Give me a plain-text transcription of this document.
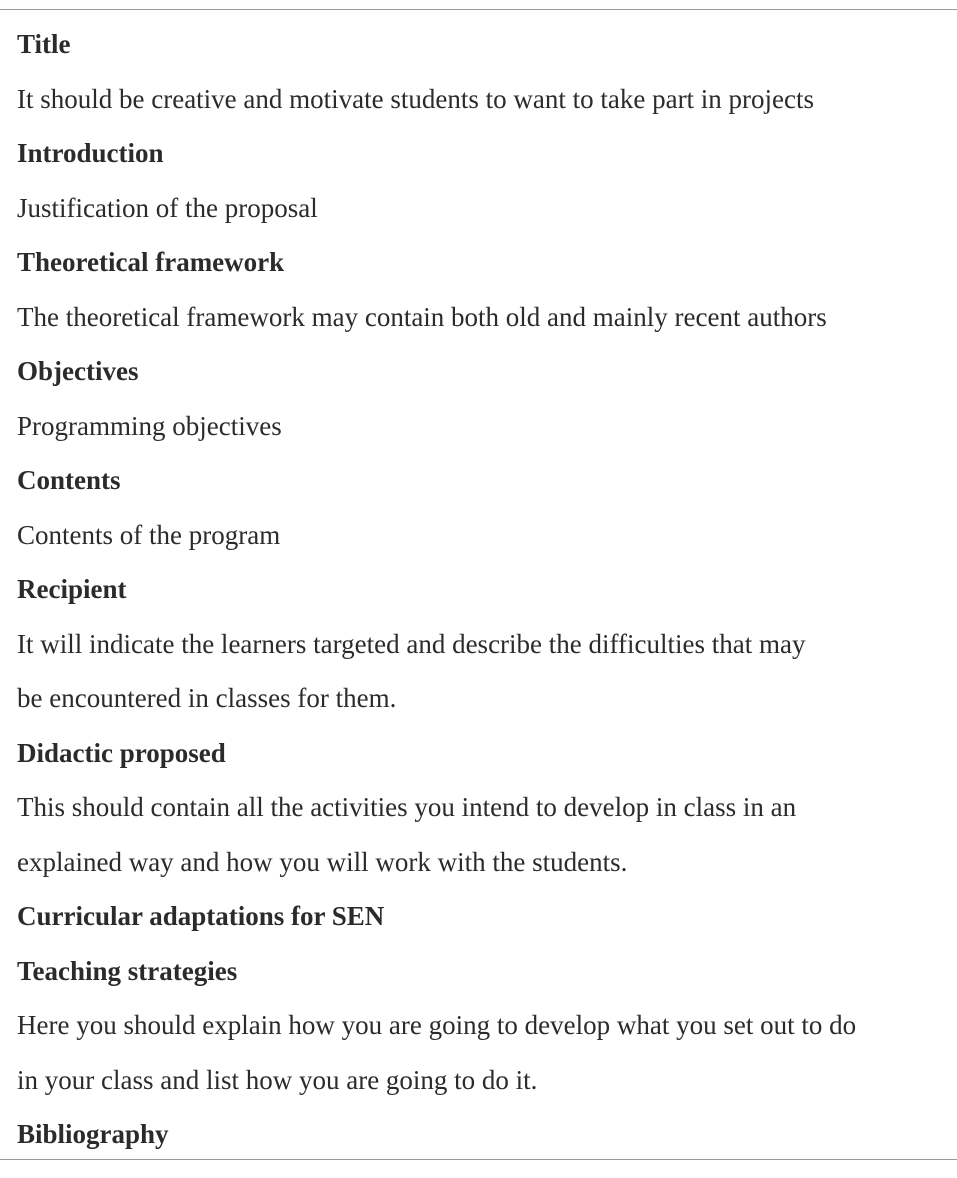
Title

It should be creative and motivate students to want to take part in projects

Introduction

Justification of the proposal

Theoretical framework

The theoretical framework may contain both old and mainly recent authors

Objectives

Programming objectives

Contents

Contents of the program

Recipient

It will indicate the learners targeted and describe the difficulties that may

be encountered in classes for them.

Didactic proposed

This should contain all the activities you intend to develop in class in an

explained way and how you will work with the students.

Curricular adaptations for SEN

Teaching strategies

Here you should explain how you are going to develop what you set out to do

in your class and list how you are going to do it.

Bibliography
